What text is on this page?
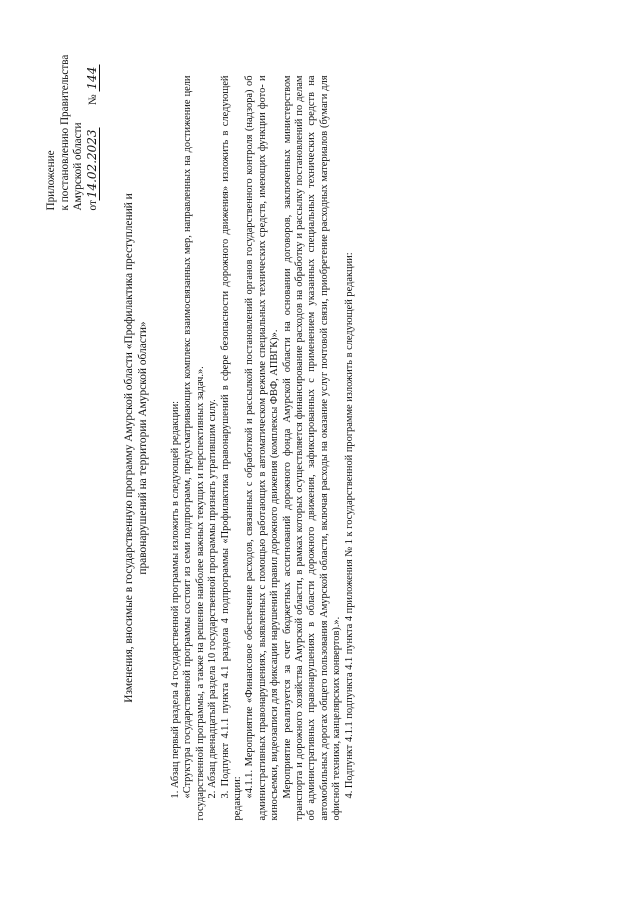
Приложение к постановлению Правительства Амурской области от14.02.2023        № 144
Изменения, вносимые в государственную программу Амурской области «Профилактика преступлений и правонарушений на территории Амурской области» 1. Абзац первый раздела 4 государственной программы изложить в следующей редакции: «Структура государственной программы состоит из семи подпрограмм, предусматривающих комплекс взаимосвязанных мер, направленных на достижение цели государственной программы, а также на решение наиболее важных текущих и перспективных задач.». 2. Абзац двенадцатый раздела 10 государственной программы признать утратившим силу. 3. Подпункт 4.1.1 пункта 4.1 раздела 4 подпрограммы «Профилактика правонарушений в сфере безопасности дорожного движения» изложить в следующей редакции: «4.1.1. Мероприятие «Финансовое обеспечение расходов, связанных с обработкой и рассылкой постановлений органов государственного контроля (надзора) об административных правонарушениях, выявленных с помощью работающих в автоматическом режиме специальных технических средств, имеющих функции фото- и киносъемки, видеозаписи для фиксации нарушений правил дорожного движения (комплексы ФВФ, АПВГК)». Мероприятие реализуется за счет бюджетных ассигнований дорожного фонда Амурской области на основании договоров, заключенных министерством транспорта и дорожного хозяйства Амурской области, в рамках которых осуществляется финансирование расходов на обработку и рассылку постановлений по делам об административных правонарушениях в области дорожного движения, зафиксированных с применением указанных специальных технических средств на автомобильных дорогах общего пользования Амурской области, включая расходы на оказание услуг почтовой связи, приобретение расходных материалов (бумаги для офисной техники, канцелярских конвертов).». 4. Подпункт 4.1.1 подпункта 4.1 пункта 4 приложения № 1 к государственной программе изложить в следующей редакции:
